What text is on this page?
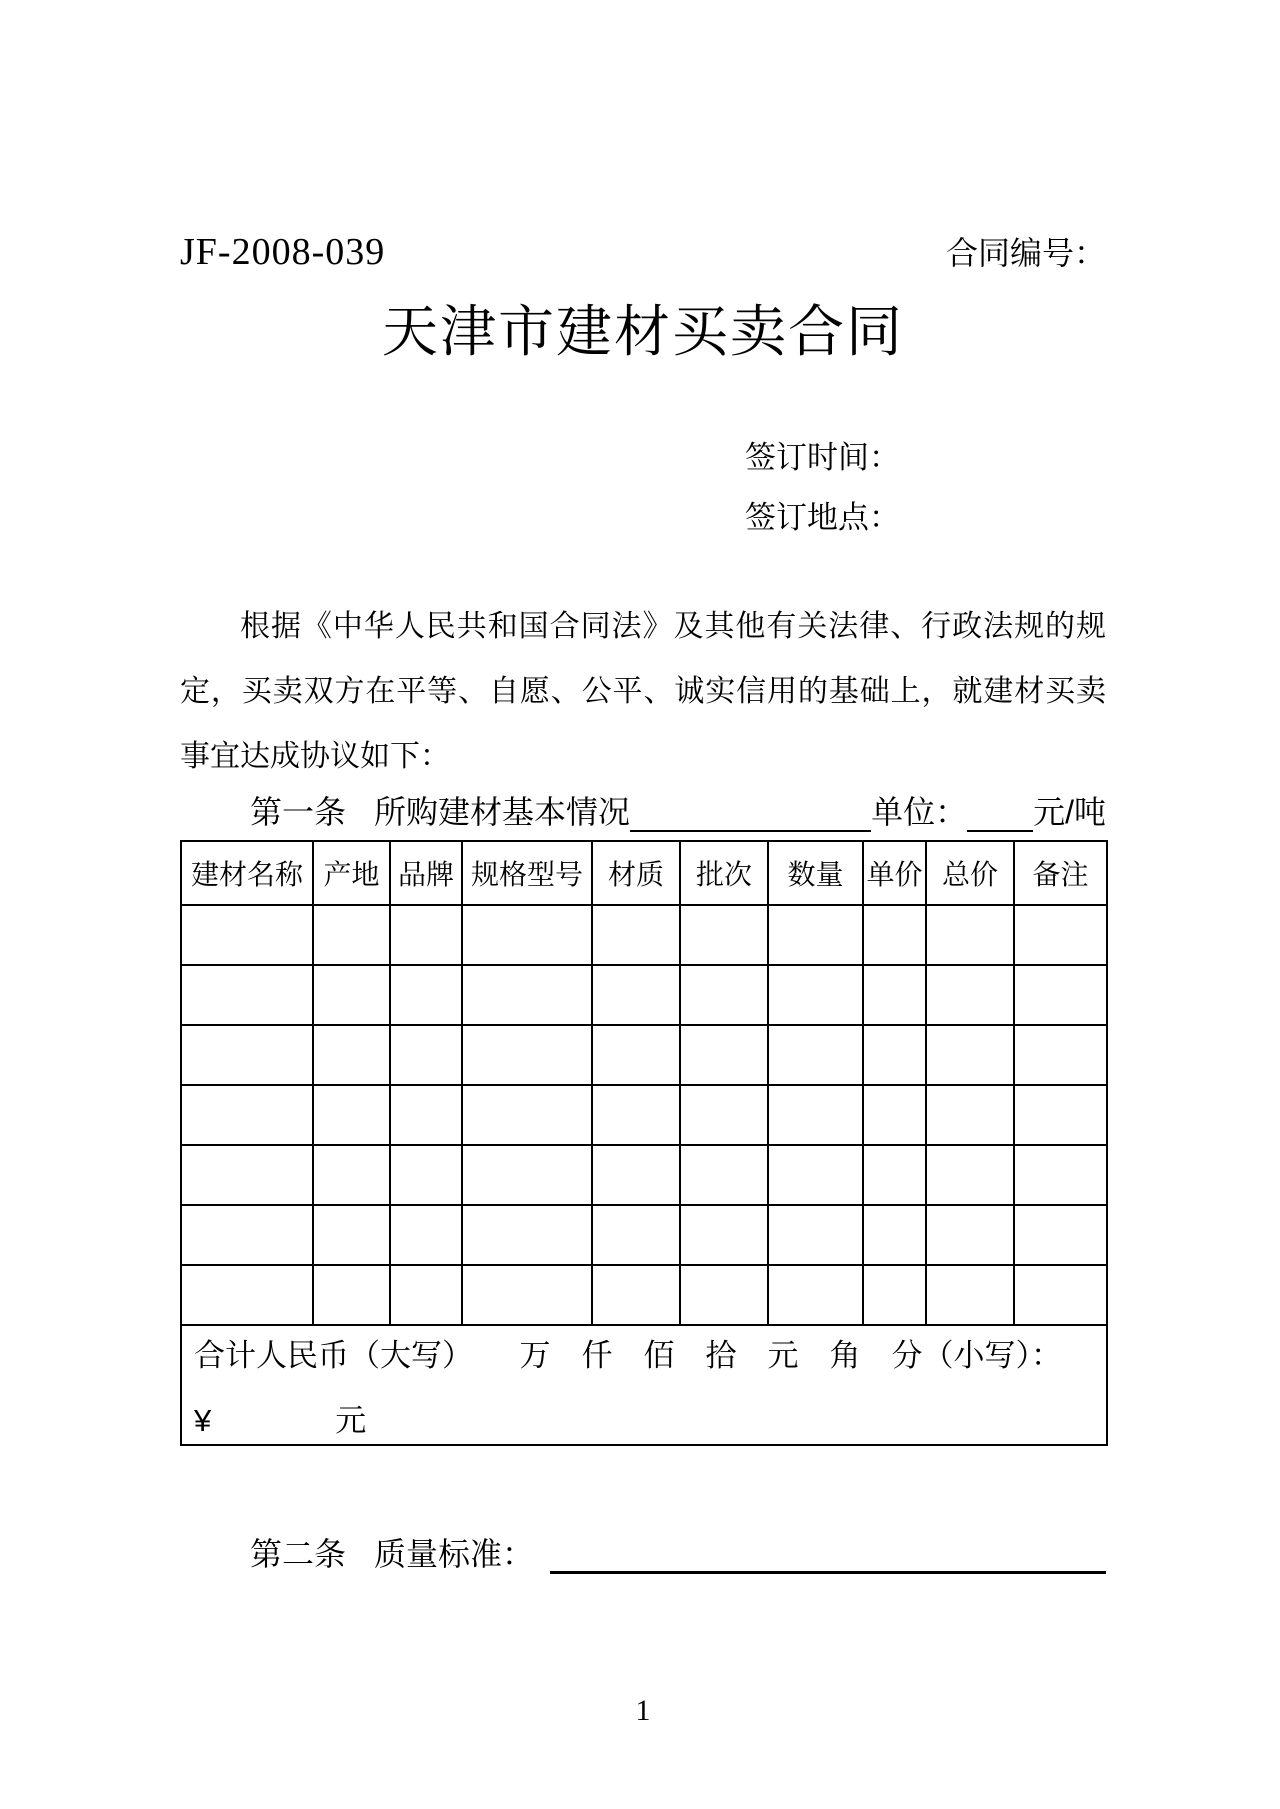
JF-2008-039	合同编号：
天津市建材买卖合同
签订时间：
签订地点：
根据《中华人民共和国合同法》及其他有关法律、行政法规的规
定，买卖双方在平等、自愿、公平、诚实信用的基础上，就建材买卖
事宜达成协议如下：
第一条 所购建材基本情况	单位： 元/吨
建材名称	产地	品牌	规格型号	材质	批次	数量	单价	总价	备注

合计人民币（大写）　　万　仟　佰　拾　元　角　分（小写）：
¥　　　　元									
第二条 质量标准：
1
